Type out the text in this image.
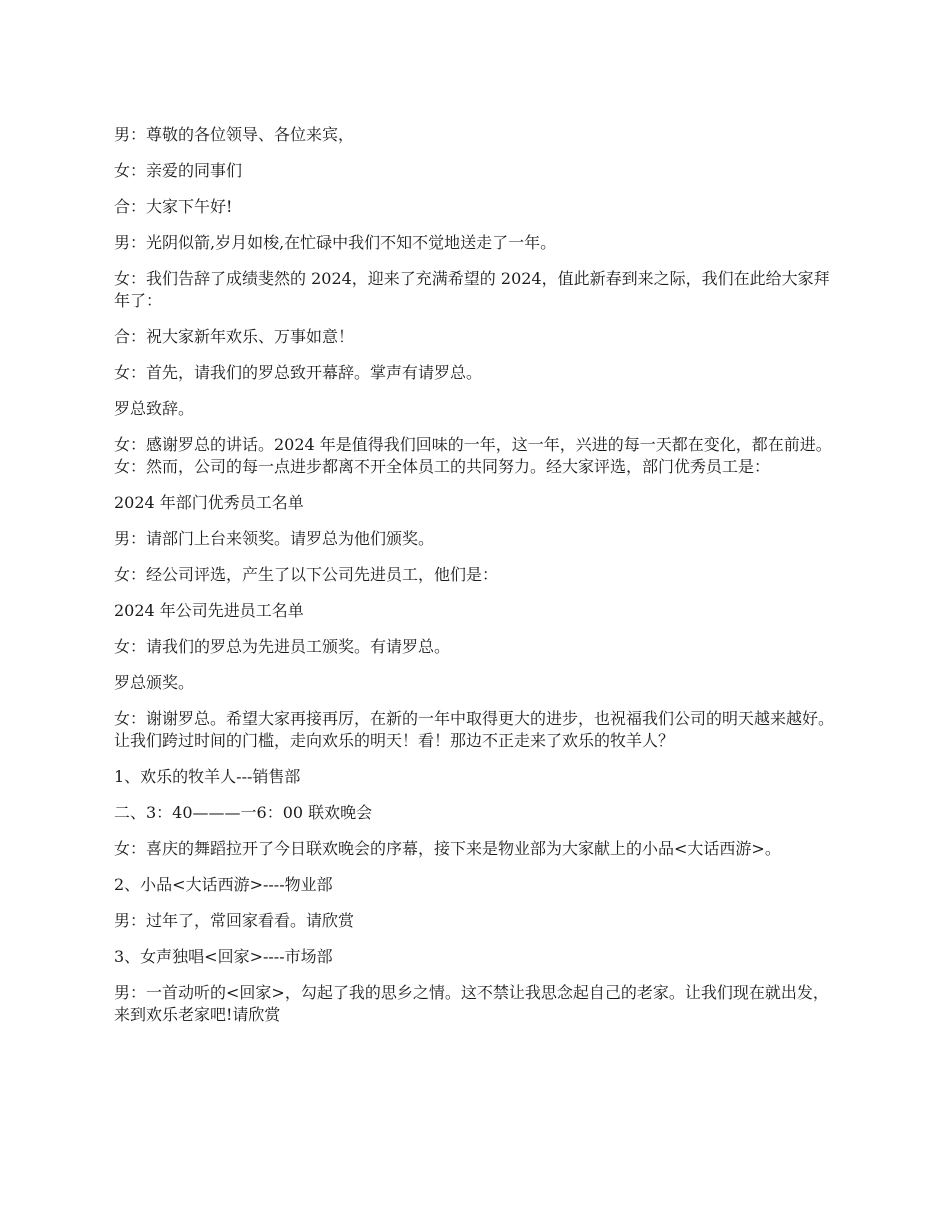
男：尊敬的各位领导、各位来宾，

女：亲爱的同事们

合：大家下午好!

男：光阴似箭,岁月如梭,在忙碌中我们不知不觉地送走了一年。

女：我们告辞了成绩斐然的 2024，迎来了充满希望的 2024，值此新春到来之际，我们在此给大家拜年了：

合：祝大家新年欢乐、万事如意！

女：首先，请我们的罗总致开幕辞。掌声有请罗总。

罗总致辞。

女：感谢罗总的讲话。2024 年是值得我们回味的一年，这一年，兴进的每一天都在变化，都在前进。女：然而，公司的每一点进步都离不开全体员工的共同努力。经大家评选，部门优秀员工是：

2024 年部门优秀员工名单

男：请部门上台来领奖。请罗总为他们颁奖。

女：经公司评选，产生了以下公司先进员工，他们是：

2024 年公司先进员工名单

女：请我们的罗总为先进员工颁奖。有请罗总。

罗总颁奖。

女：谢谢罗总。希望大家再接再厉，在新的一年中取得更大的进步，也祝福我们公司的明天越来越好。 让我们跨过时间的门槛，走向欢乐的明天！看！那边不正走来了欢乐的牧羊人？

1、欢乐的牧羊人---销售部

二、3：40———一6：00 联欢晚会

女：喜庆的舞蹈拉开了今日联欢晚会的序幕，接下来是物业部为大家献上的小品<大话西游>。

2、小品<大话西游>----物业部

男：过年了，常回家看看。请欣赏

3、女声独唱<回家>----市场部

男：一首动听的<回家>，勾起了我的思乡之情。这不禁让我思念起自己的老家。让我们现在就出发，来到欢乐老家吧!请欣赏
